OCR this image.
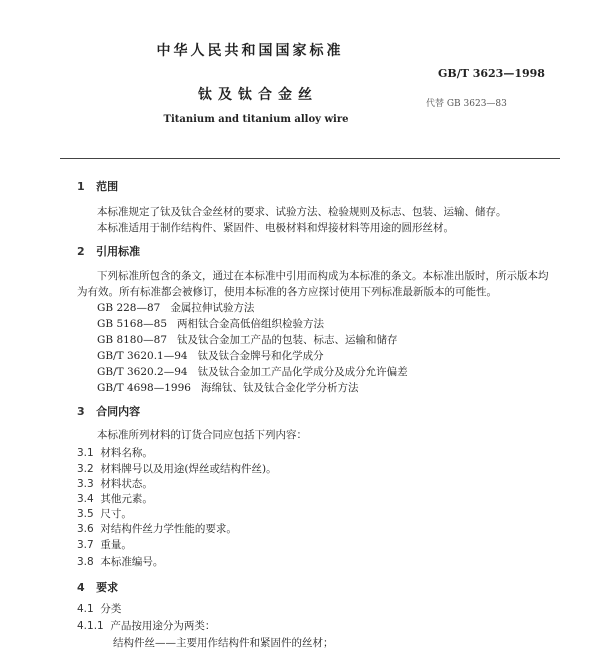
中华人民共和国国家标准
GB/T 3623—1998
钛及钛合金丝
代替 GB 3623—83
Titanium and titanium alloy wire
1 范围
本标准规定了钛及钛合金丝材的要求、试验方法、检验规则及标志、包装、运输、储存。
本标准适用于制作结构件、紧固件、电极材料和焊接材料等用途的圆形丝材。
2 引用标准
下列标准所包含的条文，通过在本标准中引用而构成为本标准的条文。本标准出版时，所示版本均
为有效。所有标准都会被修订，使用本标准的各方应探讨使用下列标准最新版本的可能性。
GB 228—87 金属拉伸试验方法
GB 5168—85 两相钛合金高低倍组织检验方法
GB 8180—87 钛及钛合金加工产品的包装、标志、运输和储存
GB/T 3620.1—94 钛及钛合金牌号和化学成分
GB/T 3620.2—94 钛及钛合金加工产品化学成分及成分允许偏差
GB/T 4698—1996 海绵钛、钛及钛合金化学分析方法
3 合同内容
本标准所列材料的订货合同应包括下列内容：
3.1 材料名称。
3.2 材料牌号以及用途(焊丝或结构件丝)。
3.3 材料状态。
3.4 其他元素。
3.5 尺寸。
3.6 对结构件丝力学性能的要求。
3.7 重量。
3.8 本标准编号。
4 要求
4.1 分类
4.1.1 产品按用途分为两类：
结构件丝——主要用作结构件和紧固件的丝材；
